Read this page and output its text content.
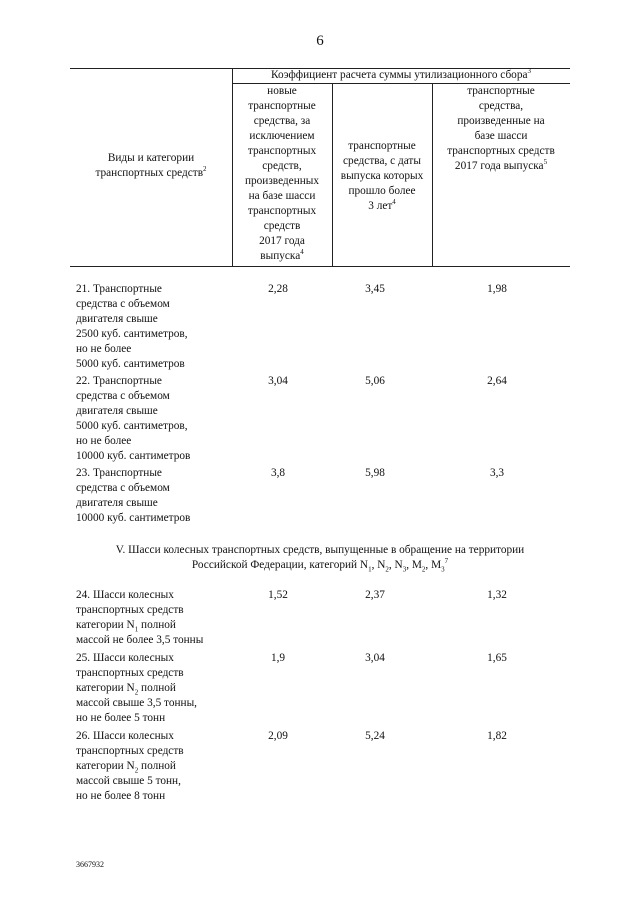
6
Коэффициент расчета суммы утилизационного сбора$^3$
Виды и категории
транспортных средств$^2$
новые
транспортные
средства, за
исключением
транспортных
средств,
произведенных
на базе шасси
транспортных
средств
2017 года
выпуска$^4$
транспортные
средства, с даты
выпуска которых
прошло более
3 лет$^4$
транспортные
средства,
произведенные на
базе шасси
транспортных средств
2017 года выпуска$^5$
21. Транспортные
средства с объемом
двигателя свыше
2500 куб. сантиметров,
но не более
5000 куб. сантиметров
2,28	3,45	1,98
22. Транспортные
средства с объемом
двигателя свыше
5000 куб. сантиметров,
но не более
10000 куб. сантиметров
3,04	5,06	2,64
23. Транспортные
средства с объемом
двигателя свыше
10000 куб. сантиметров
3,8	5,98	3,3
V. Шасси колесных транспортных средств, выпущенные в обращение на территории
Российской Федерации, категорий $N_1$, $N_2$, $N_3$, $M_2$, $M_3^7$
24. Шасси колесных
транспортных средств
категории $N_1$ полной
массой не более 3,5 тонны
1,52	2,37	1,32
25. Шасси колесных
транспортных средств
категории $N_2$ полной
массой свыше 3,5 тонны,
но не более 5 тонн
1,9	3,04	1,65
26. Шасси колесных
транспортных средств
категории $N_2$ полной
массой свыше 5 тонн,
но не более 8 тонн
2,09	5,24	1,82
3667932
